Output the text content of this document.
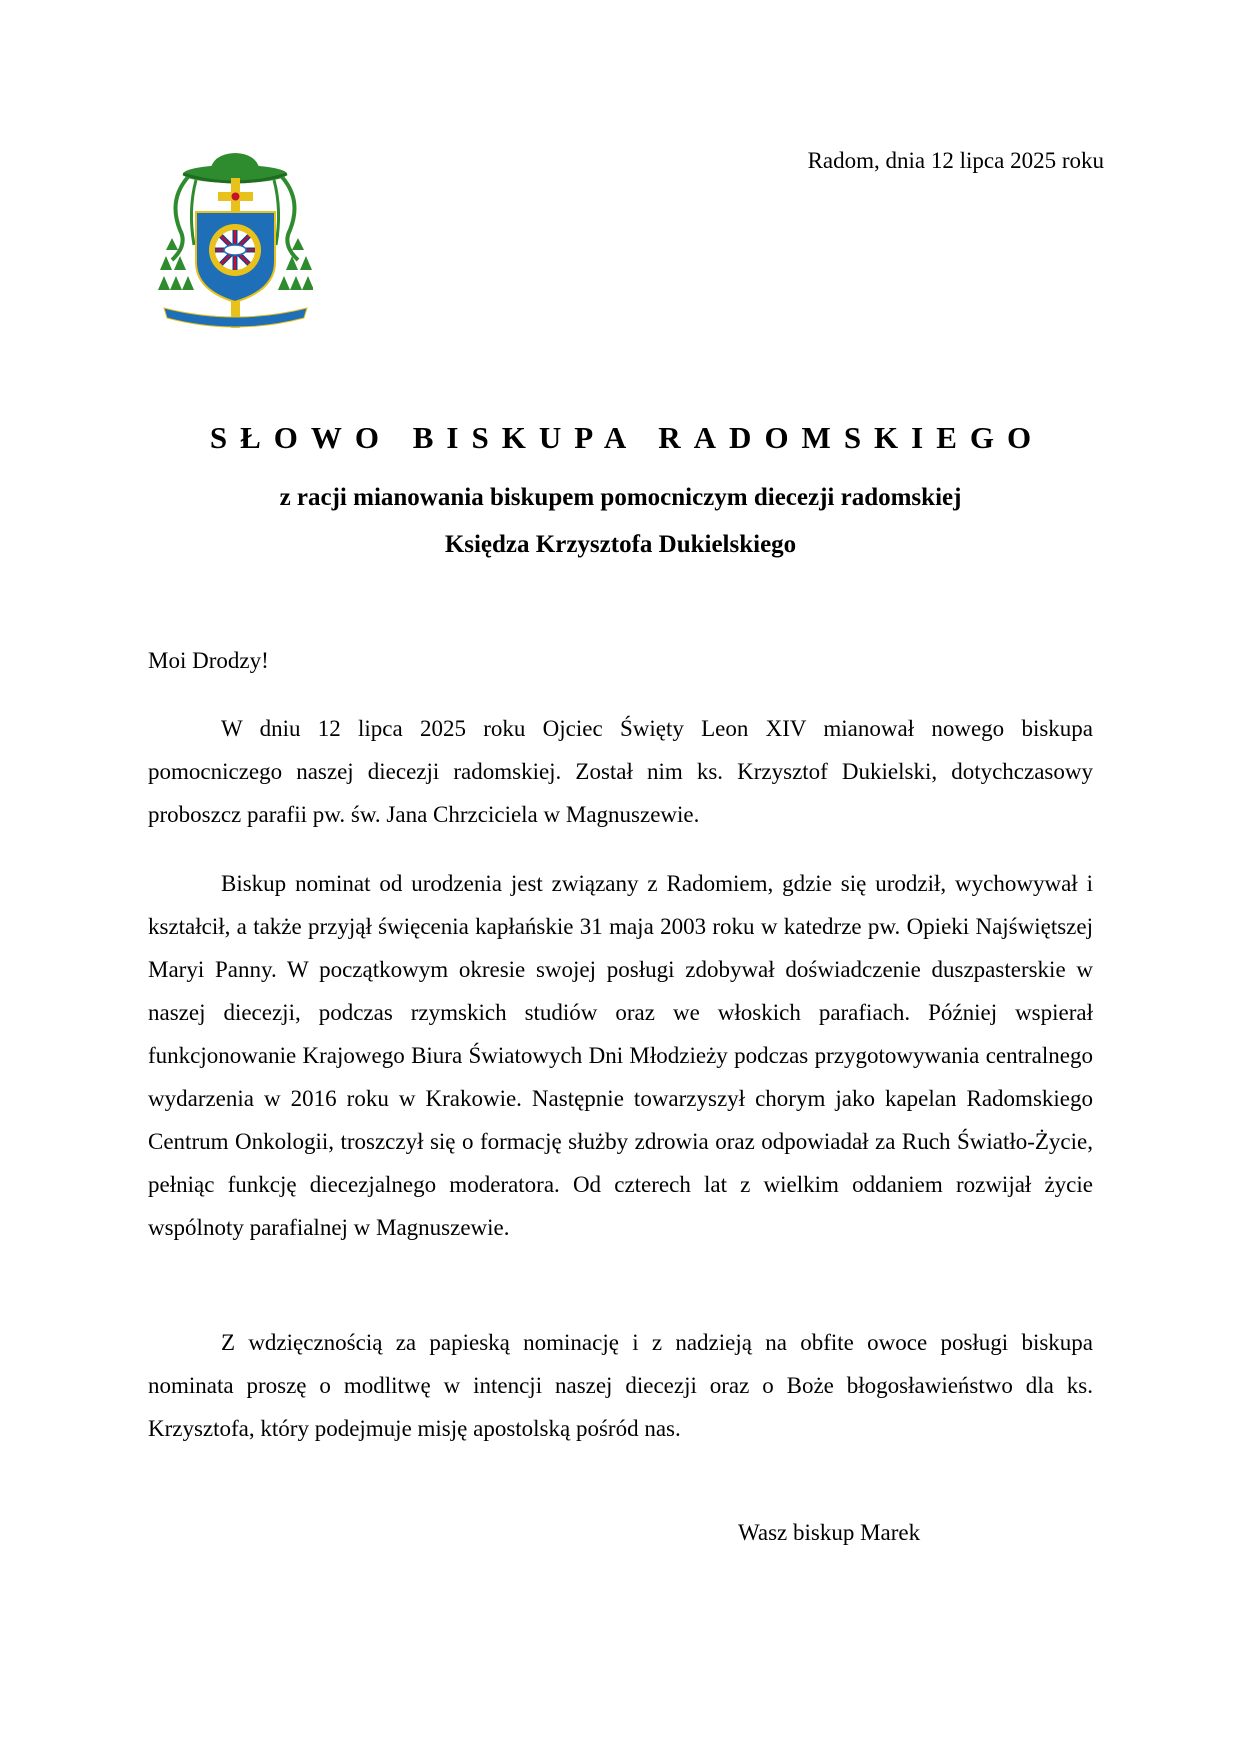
Radom, dnia 12 lipca 2025 roku
SŁOWO BISKUPA RADOMSKIEGO
z racji mianowania biskupem pomocniczym diecezji radomskiej
Księdza Krzysztofa Dukielskiego
Moi Drodzy!

W dniu 12 lipca 2025 roku Ojciec Święty Leon XIV mianował nowego biskupa pomocniczego naszej diecezji radomskiej. Został nim ks. Krzysztof Dukielski, dotychczasowy proboszcz parafii pw. św. Jana Chrzciciela w Magnuszewie.

Biskup nominat od urodzenia jest związany z Radomiem, gdzie się urodził, wychowywał i kształcił, a także przyjął święcenia kapłańskie 31 maja 2003 roku w katedrze pw. Opieki Najświętszej Maryi Panny. W początkowym okresie swojej posługi zdobywał doświadczenie duszpasterskie w naszej diecezji, podczas rzymskich studiów oraz we włoskich parafiach. Później wspierał funkcjonowanie Krajowego Biura Światowych Dni Młodzieży podczas przygotowywania centralnego wydarzenia w 2016 roku w Krakowie. Następnie towarzyszył chorym jako kapelan Radomskiego Centrum Onkologii, troszczył się o formację służby zdrowia oraz odpowiadał za Ruch Światło-Życie, pełniąc funkcję diecezjalnego moderatora. Od czterech lat z wielkim oddaniem rozwijał życie wspólnoty parafialnej w Magnuszewie.

Z wdzięcznością za papieską nominację i z nadzieją na obfite owoce posługi biskupa nominata proszę o modlitwę w intencji naszej diecezji oraz o Boże błogosławieństwo dla ks. Krzysztofa, który podejmuje misję apostolską pośród nas.

Wasz biskup Marek
